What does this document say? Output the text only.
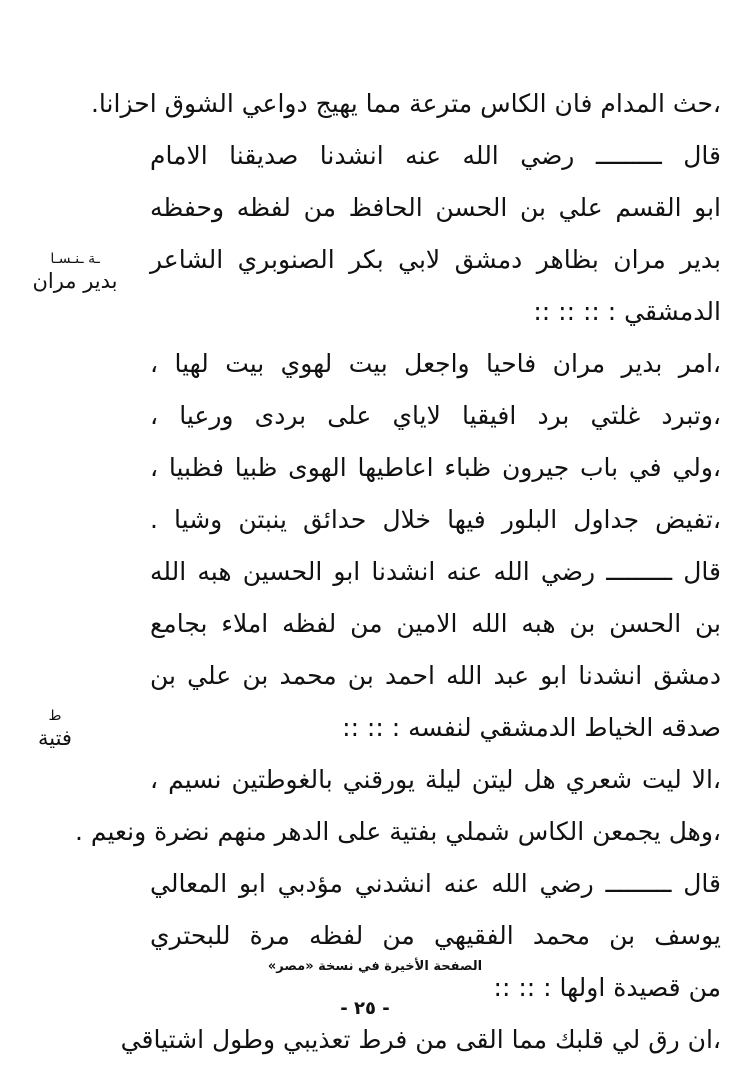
،حث المدام فان الكاس مترعة مما يهيج دواعي الشوق احزانا.
قال ـــــــــ رضي الله عنه انشدنا صديقنا الامام
ابو القسم علي بن الحسن الحافظ من لفظه وحفظه
بدير مران بظاهر دمشق لابي بكر الصنوبري الشاعر
الدمشقي : :: :: ::
،امر بدير مران فاحيا واجعل بيت لهوي بيت لهيا ،
،وتبرد غلتي برد افيقيا لاياي على بردى ورعيا ،
،ولي في باب جيرون ظباء اعاطيها الهوى ظبيا فظبيا ،
،تفيض جداول البلور فيها خلال حدائق ينبتن وشيا .
قال ـــــــــ رضي الله عنه انشدنا ابو الحسين هبه الله
بن الحسن بن هبه الله الامين من لفظه املاء بجامع
دمشق انشدنا ابو عبد الله احمد بن محمد بن علي بن
صدقه الخياط الدمشقي لنفسه : :: ::
،الا ليت شعري هل ليتن ليلة يورقني بالغوطتين نسيم ،
،وهل يجمعن الكاس شملي بفتية على الدهر منهم نضرة ونعيم .
قال ـــــــــ رضي الله عنه انشدني مؤدبي ابو المعالي
يوسف بن محمد الفقيهي من لفظه مرة للبحتري
من قصيدة اولها : :: ::
،ان رق لي قلبك مما القى من فرط تعذيبي وطول اشتياقي
ـة ـنـسـا
بدير مران
ط
فتية
الصفحة الأخيرة في نسخة «مصر»
- ٢٥ -
